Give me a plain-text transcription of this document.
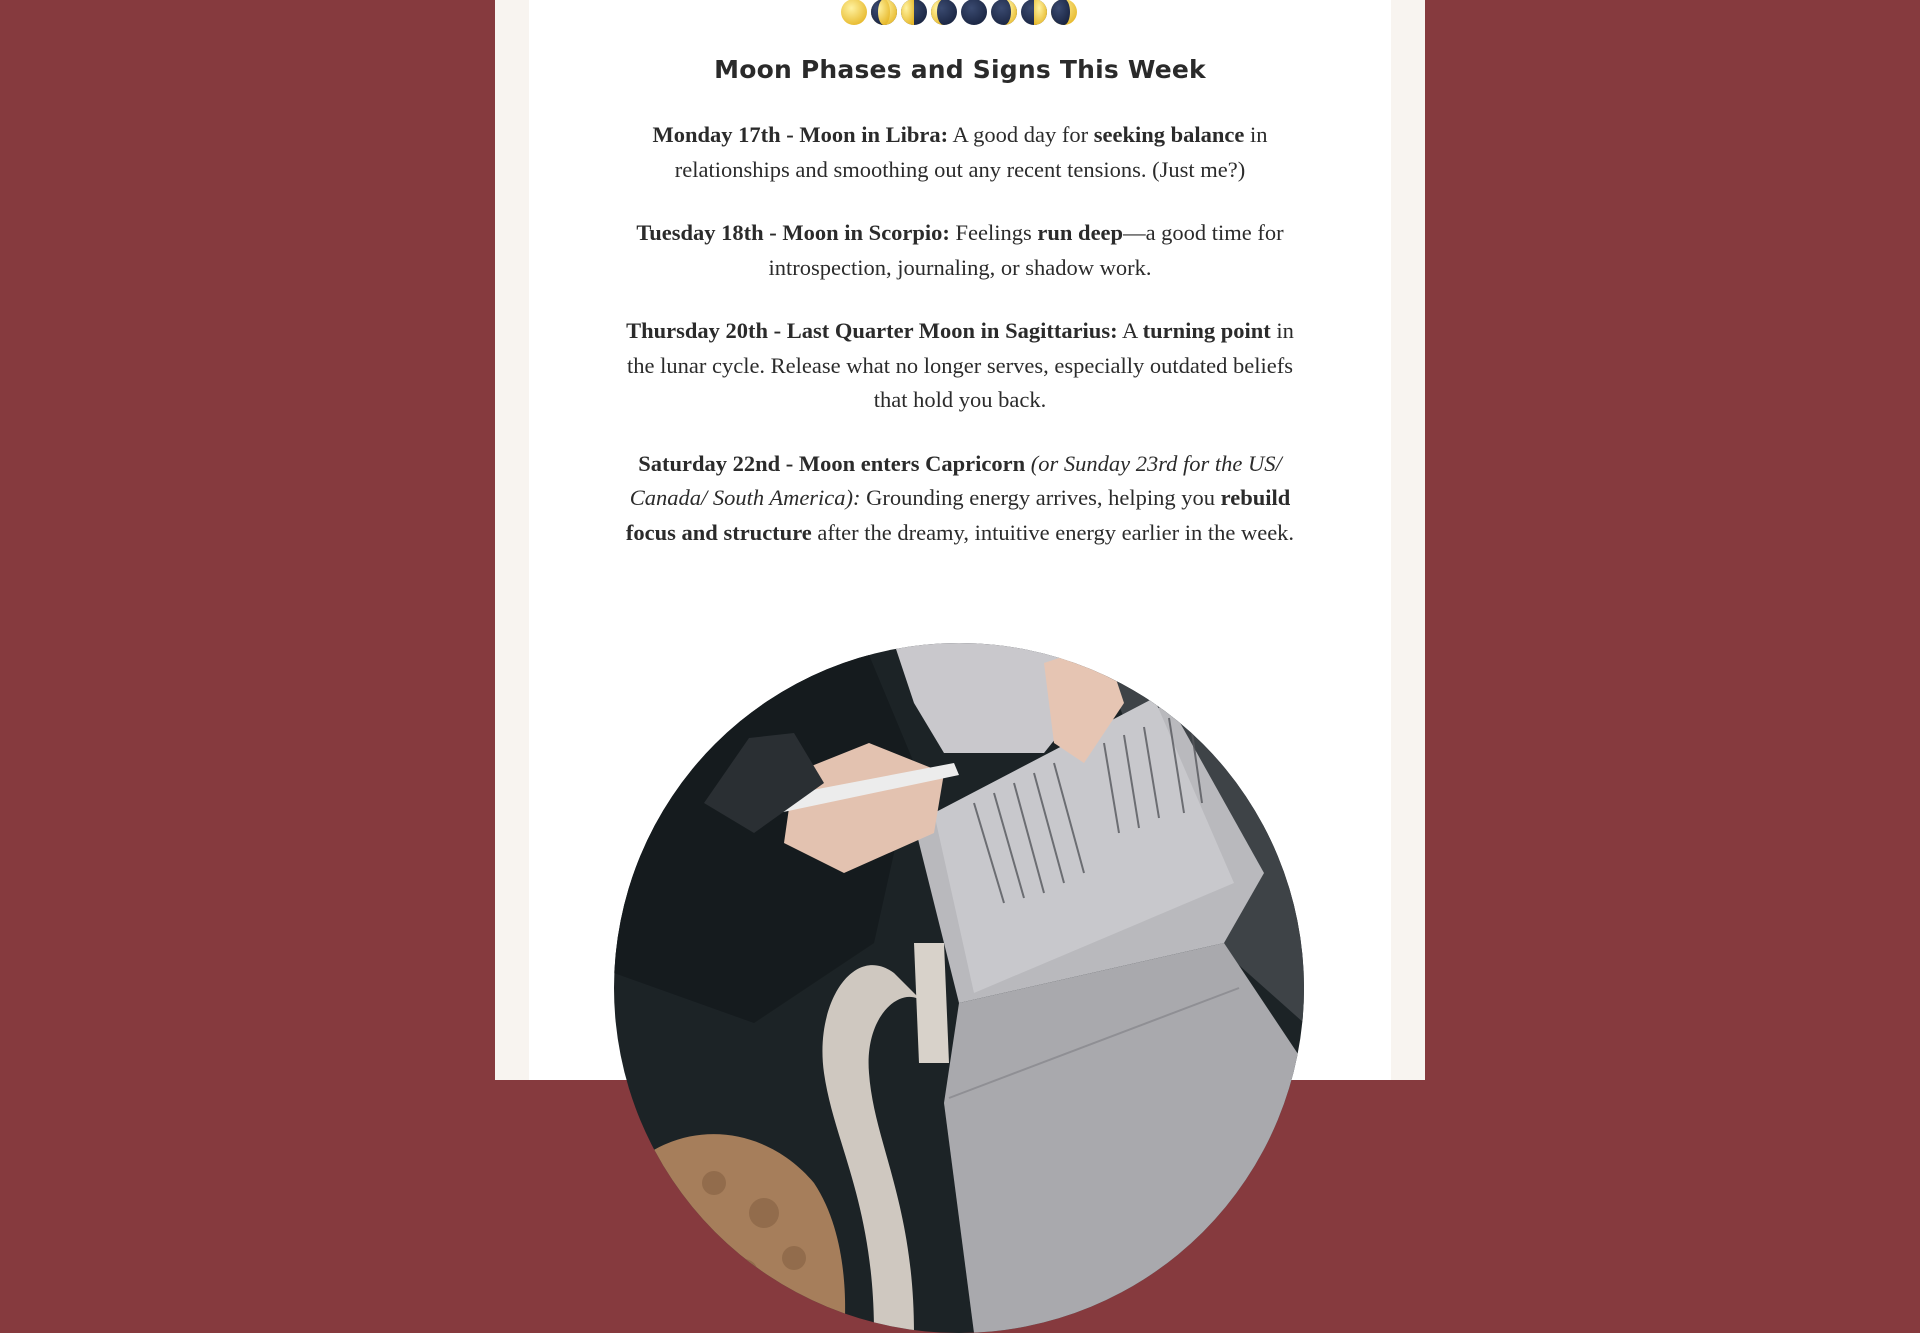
Moon Phases and Signs This Week

Monday 17th - Moon in Libra: A good day for seeking balance in relationships and smoothing out any recent tensions. (Just me?)

Tuesday 18th - Moon in Scorpio: Feelings run deep—a good time for introspection, journaling, or shadow work.

Thursday 20th - Last Quarter Moon in Sagittarius: A turning point in the lunar cycle. Release what no longer serves, especially outdated beliefs that hold you back.

Saturday 22nd - Moon enters Capricorn (or Sunday 23rd for the US/ Canada/ South America): Grounding energy arrives, helping you rebuild focus and structure after the dreamy, intuitive energy earlier in the week.
